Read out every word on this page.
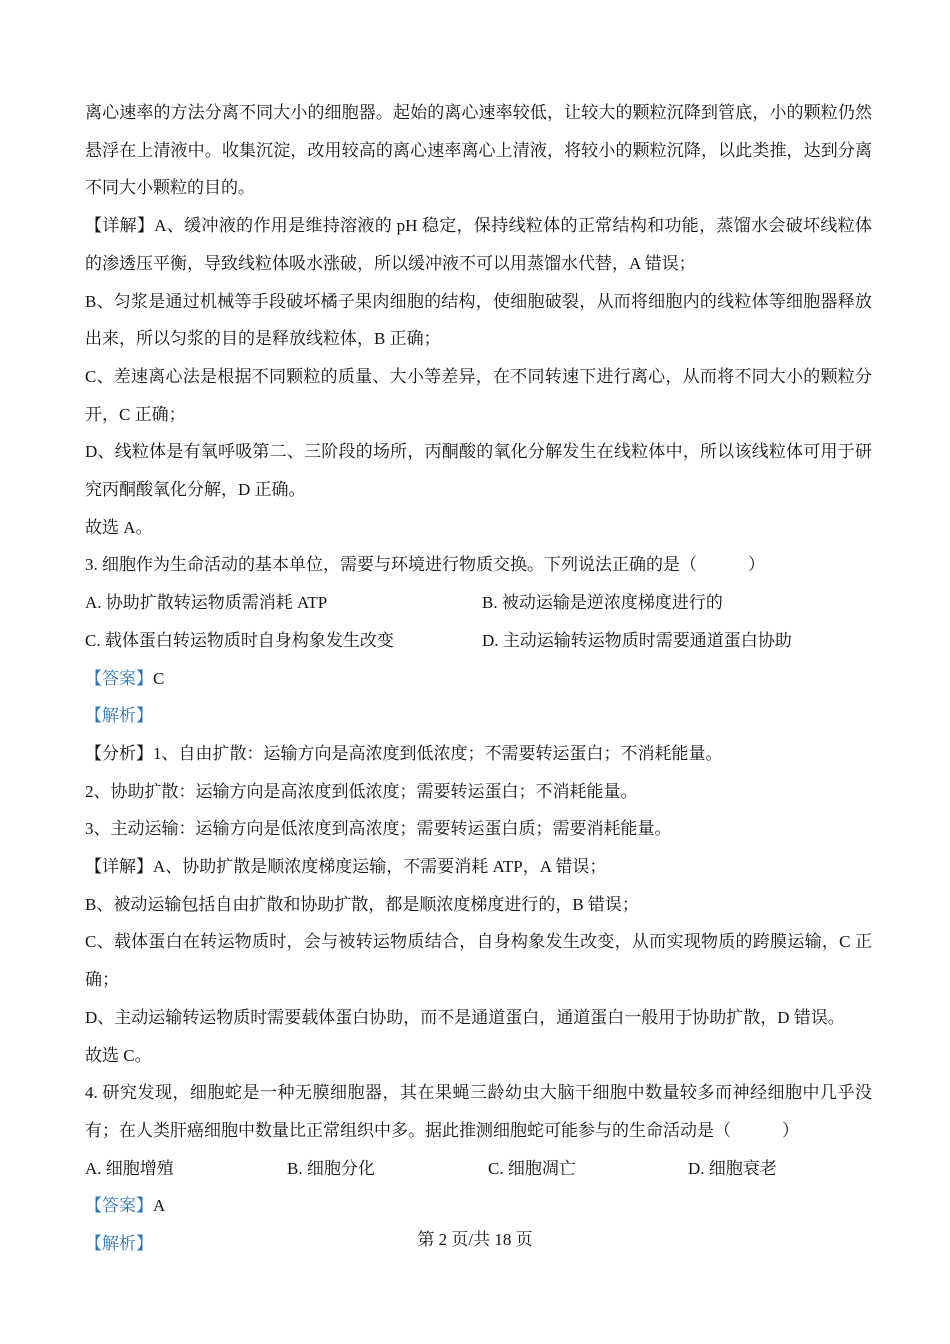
离心速率的方法分离不同大小的细胞器。起始的离心速率较低，让较大的颗粒沉降到管底，小的颗粒仍然悬浮在上清液中。收集沉淀，改用较高的离心速率离心上清液，将较小的颗粒沉降，以此类推，达到分离不同大小颗粒的目的。

【详解】A、缓冲液的作用是维持溶液的 pH 稳定，保持线粒体的正常结构和功能，蒸馏水会破坏线粒体的渗透压平衡，导致线粒体吸水涨破，所以缓冲液不可以用蒸馏水代替，A 错误；

B、匀浆是通过机械等手段破坏橘子果肉细胞的结构，使细胞破裂，从而将细胞内的线粒体等细胞器释放出来，所以匀浆的目的是释放线粒体，B 正确；

C、差速离心法是根据不同颗粒的质量、大小等差异，在不同转速下进行离心，从而将不同大小的颗粒分开，C 正确；

D、线粒体是有氧呼吸第二、三阶段的场所，丙酮酸的氧化分解发生在线粒体中，所以该线粒体可用于研究丙酮酸氧化分解，D 正确。

故选 A。

3. 细胞作为生命活动的基本单位，需要与环境进行物质交换。下列说法正确的是（　　　）

A. 协助扩散转运物质需消耗 ATP	B. 被动运输是逆浓度梯度进行的
C. 载体蛋白转运物质时自身构象发生改变	D. 主动运输转运物质时需要通道蛋白协助

【答案】C

【解析】

【分析】1、自由扩散：运输方向是高浓度到低浓度；不需要转运蛋白；不消耗能量。

2、协助扩散：运输方向是高浓度到低浓度；需要转运蛋白；不消耗能量。

3、主动运输：运输方向是低浓度到高浓度；需要转运蛋白质；需要消耗能量。

【详解】A、协助扩散是顺浓度梯度运输，不需要消耗 ATP，A 错误；

B、被动运输包括自由扩散和协助扩散，都是顺浓度梯度进行的，B 错误；

C、载体蛋白在转运物质时，会与被转运物质结合，自身构象发生改变，从而实现物质的跨膜运输，C 正确；

D、主动运输转运物质时需要载体蛋白协助，而不是通道蛋白，通道蛋白一般用于协助扩散，D 错误。

故选 C。

4. 研究发现，细胞蛇是一种无膜细胞器，其在果蝇三龄幼虫大脑干细胞中数量较多而神经细胞中几乎没有；在人类肝癌细胞中数量比正常组织中多。据此推测细胞蛇可能参与的生命活动是（　　　）

A. 细胞增殖	B. 细胞分化	C. 细胞凋亡	D. 细胞衰老

【答案】A

【解析】	第 2 页/共 18 页
